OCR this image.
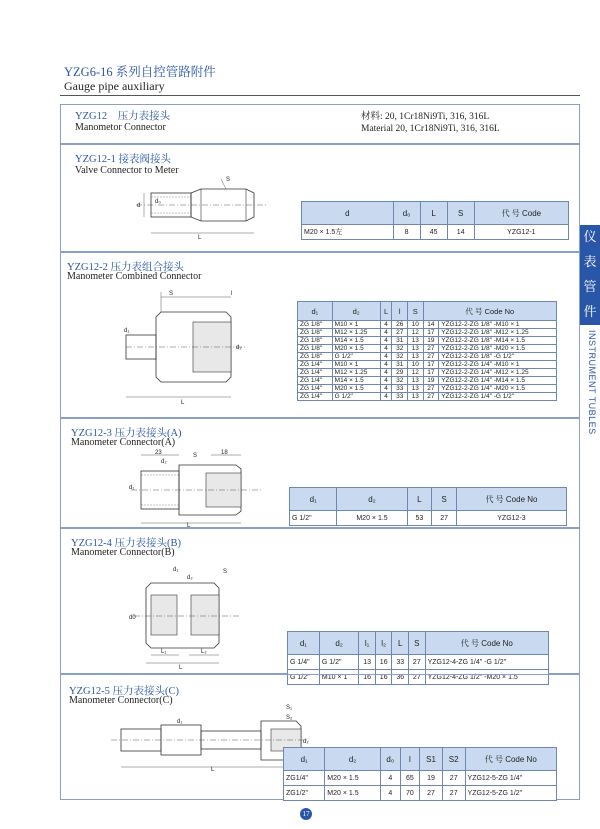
YZG6-16 系列自控管路附件
Gauge pipe auxiliary
YZG12 压力表接头
Manometor Connector
材料: 20, 1Cr18Ni9Ti, 316, 316L
Material 20, 1Cr18Ni9Ti, 316, 316L
YZG12-1 接表阀接头
Valve Connector to Meter
d
d₀
L
S
d	d₀	L	S	代 号 Code
M20 × 1.5左	8	45	14	YZG12-1
YZG12-2 压力表组合接头
Manometer Combined Connector
S	l
d₁
d₂
L
d₁	d₂	L	l	S	代 号 Code No	
ZG 1/8"	M10 × 1	4	26	10	14	YZG12-2-ZG 1/8" -M10 × 1
ZG 1/8"	M12 × 1.25	4	27	12	17	YZG12-2-ZG 1/8" -M12 × 1.25
ZG 1/8"	M14 × 1.5	4	31	13	19	YZG12-2-ZG 1/8" -M14 × 1.5
ZG 1/8"	M20 × 1.5	4	32	13	27	YZG12-2-ZG 1/8" -M20 × 1.5
ZG 1/8"	G 1/2"	4	32	13	27	YZG12-2-ZG 1/8" -G 1/2"
ZG 1/4"	M10 × 1	4	31	10	17	YZG12-2-ZG 1/4" -M10 × 1
ZG 1/4"	M12 × 1.25	4	29	12	17	YZG12-2-ZG 1/4" -M12 × 1.25
ZG 1/4"	M14 × 1.5	4	32	13	19	YZG12-2-ZG 1/4" -M14 × 1.5
ZG 1/4"	M20 × 1.5	4	33	13	27	YZG12-2-ZG 1/4" -M20 × 1.5
ZG 1/4"	G 1/2"	4	33	13	27	YZG12-2-ZG 1/4" -G 1/2"
YZG12-3 压力表接头(A)
Manometer Connector(A)
23
d₂
S	18
d₁
L
d₁	d₂	L	S	代 号 Code No
G 1/2"	M20 × 1.5	53	27	YZG12-3
YZG12-4 压力表接头(B)
Manometer Connector(B)
d₁
d₂
S
d0
L₁	L₂
L
d₁	d₂	l₁	l₂	L	S	代 号 Code No
G 1/4"	G 1/2"	13	16	33	27	YZG12-4-ZG 1/4" -G 1/2"
G 1/2"	M10 × 1	16	16	36	27	YZG12-4-ZG 1/2" -M20 × 1.5
YZG12-5 压力表接头(C)
Manometer Connector(C)
S₁
S₂
d₁
d₂
L
d₁	d₂	d₀	l	S1	S2	代 号 Code No
ZG1/4"	M20 × 1.5	4	65	19	27	YZG12-5-ZG 1/4"
ZG1/2"	M20 × 1.5	4	70	27	27	YZG12-5-ZG 1/2"
仪
表
管
件
INSTRUMENT TUBLES
17
